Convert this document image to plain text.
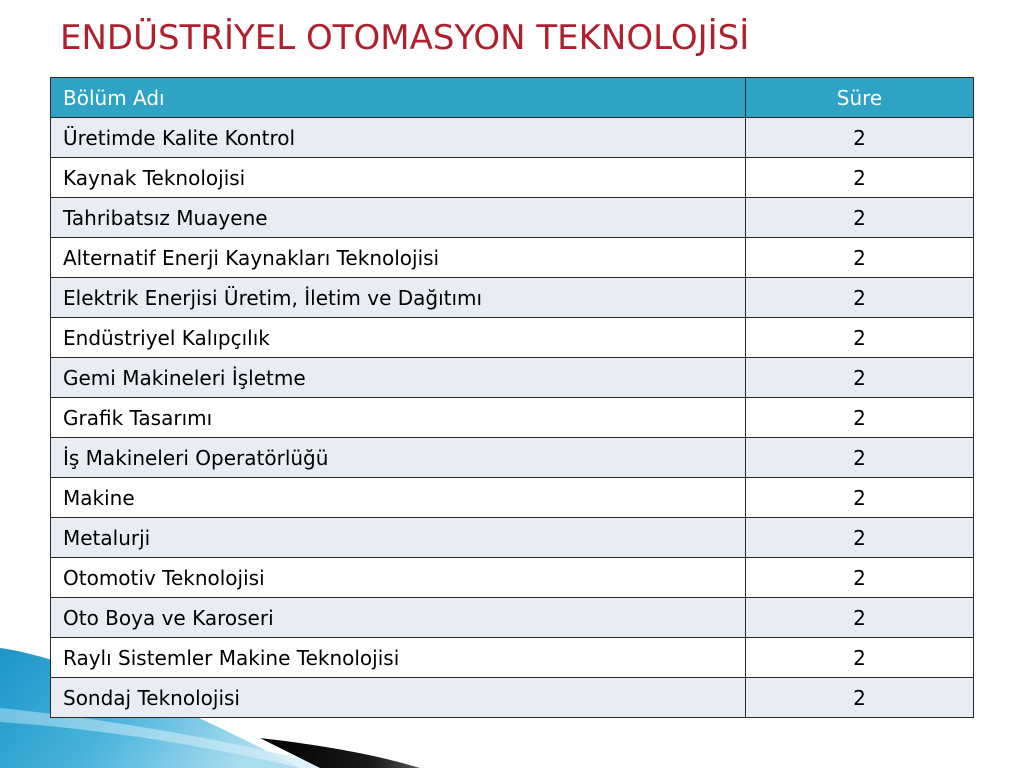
ENDÜSTRİYEL OTOMASYON TEKNOLOJİSİ
Bölüm Adı	Süre
Üretimde Kalite Kontrol	2
Kaynak Teknolojisi	2
Tahribatsız Muayene	2
Alternatif Enerji Kaynakları Teknolojisi	2
Elektrik Enerjisi Üretim, İletim ve Dağıtımı	2
Endüstriyel Kalıpçılık	2
Gemi Makineleri İşletme	2
Grafik Tasarımı	2
İş Makineleri Operatörlüğü	2
Makine	2
Metalurji	2
Otomotiv Teknolojisi	2
Oto Boya ve Karoseri	2
Raylı Sistemler Makine Teknolojisi	2
Sondaj Teknolojisi	2
